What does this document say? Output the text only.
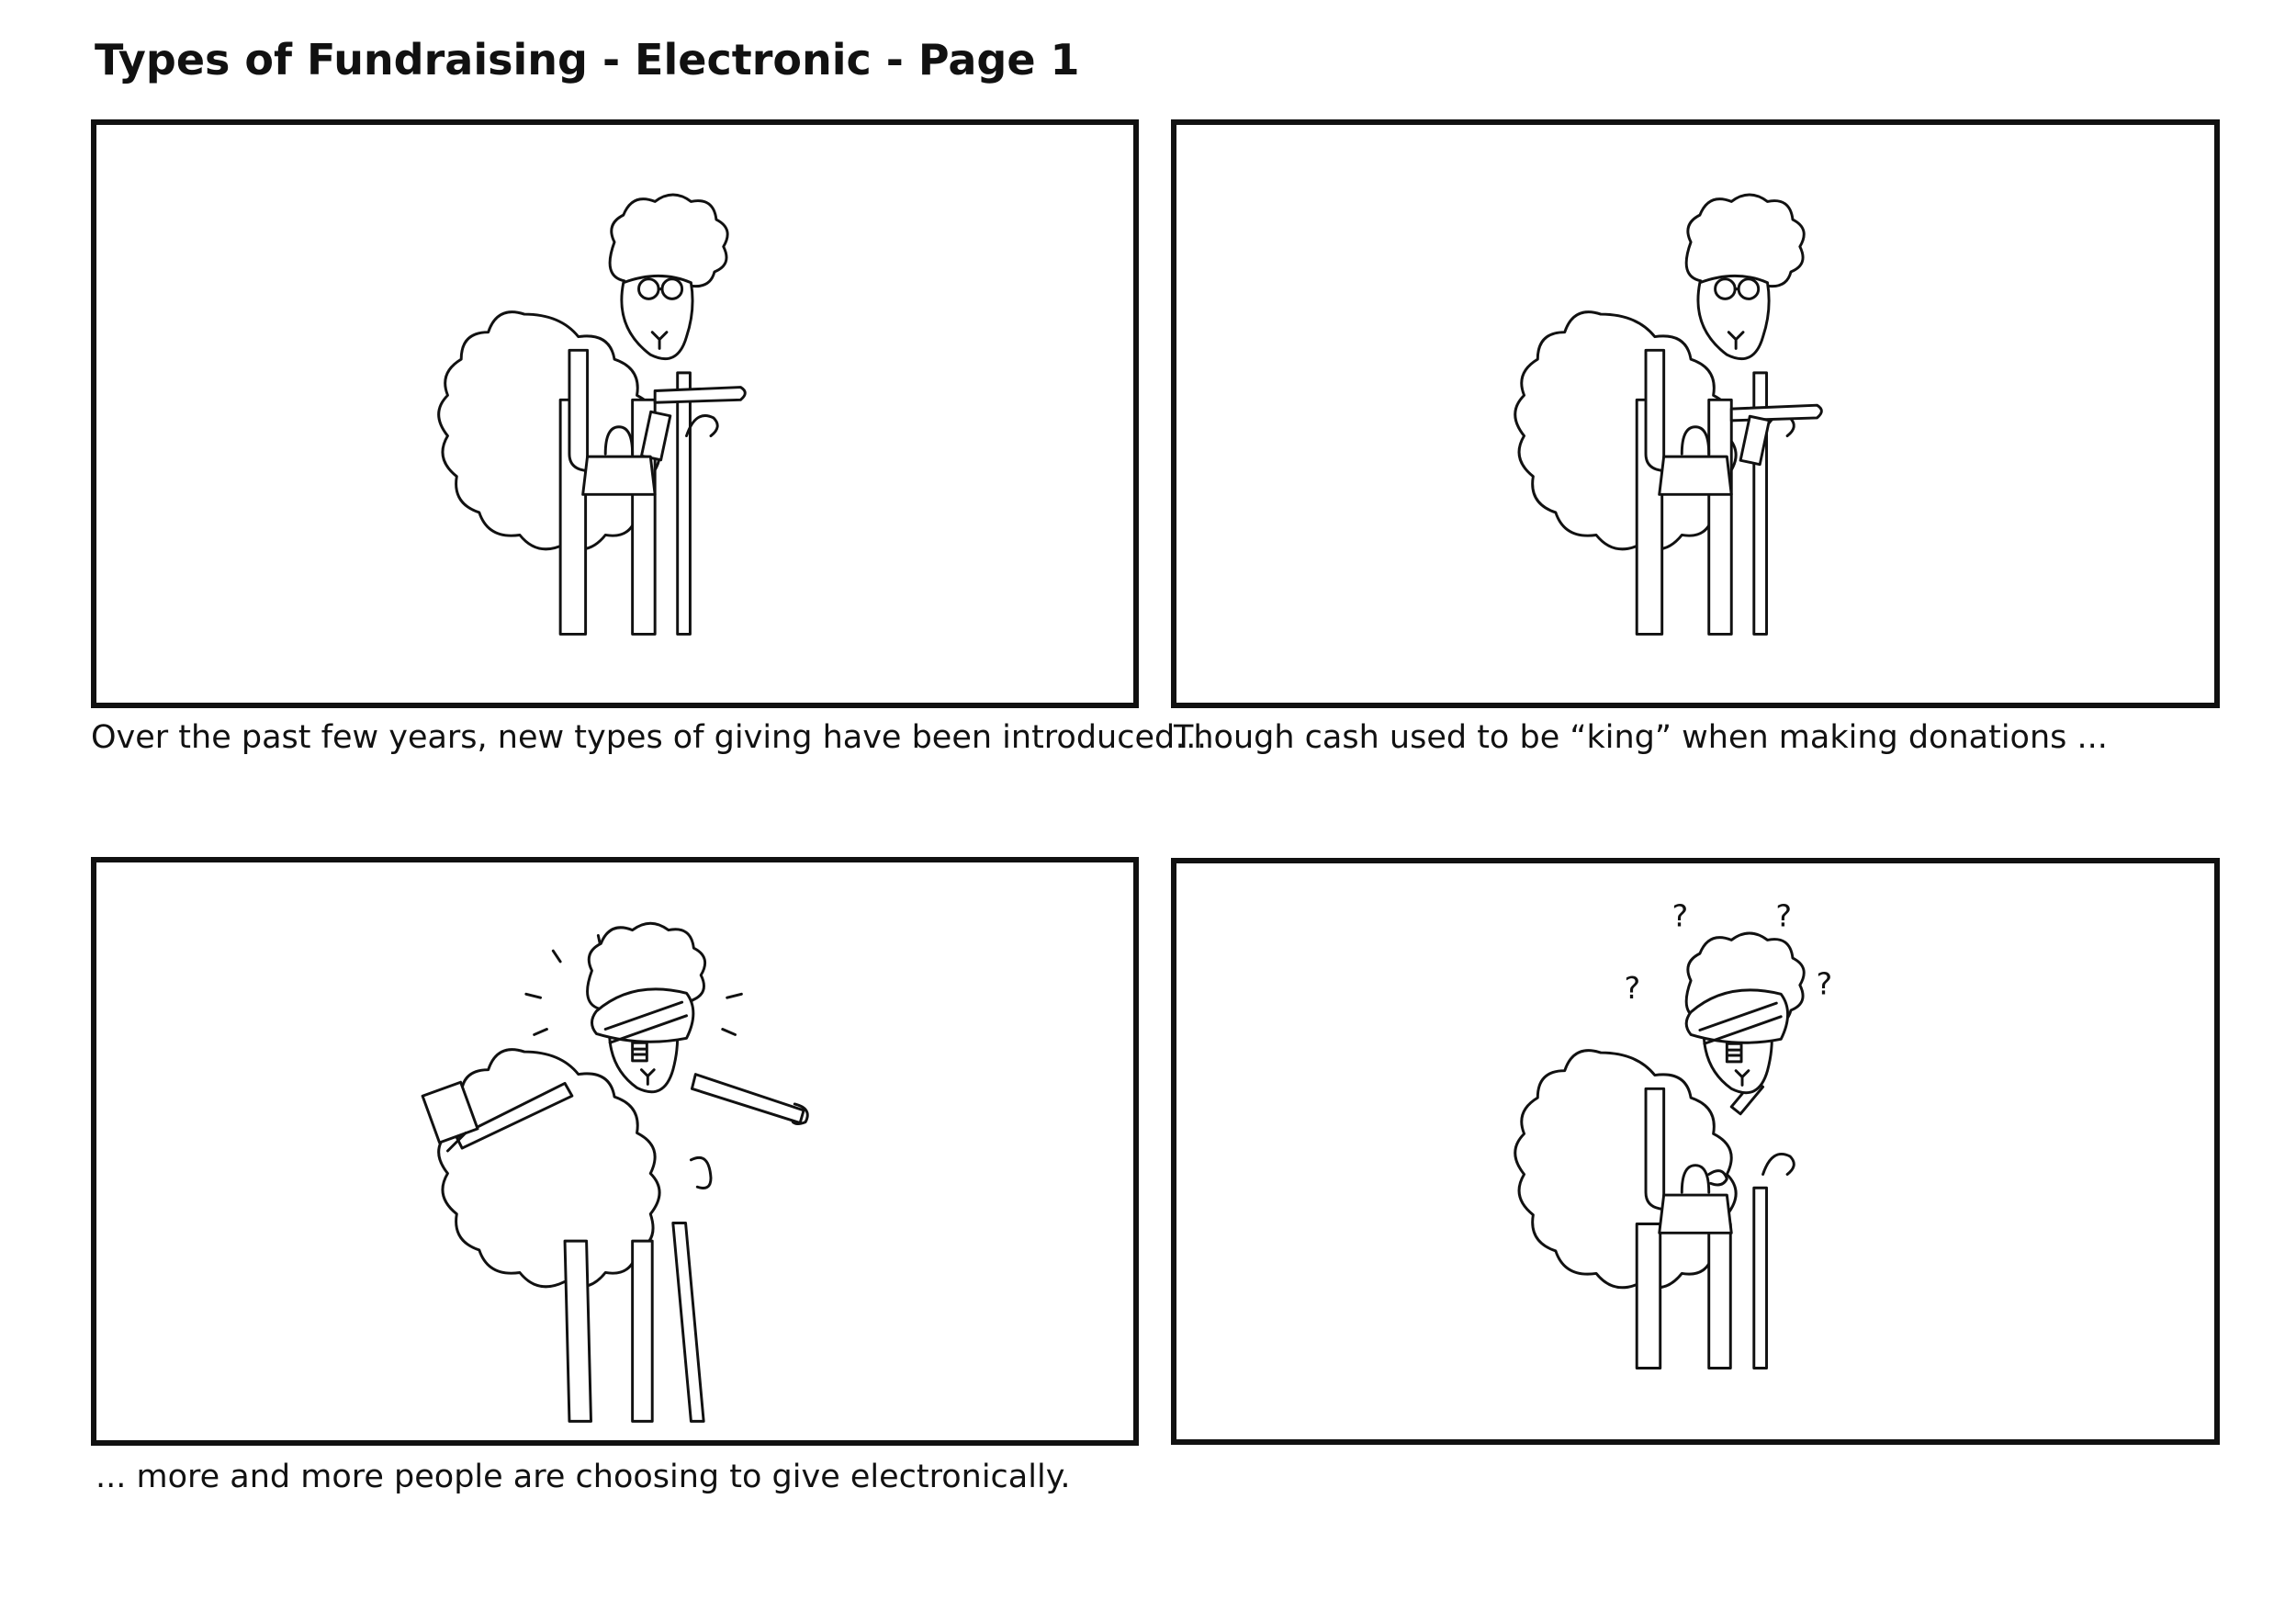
Types of Fundraising - Electronic - Page 1

Over the past few years, new types of giving have been introduced…

Though cash used to be “king” when making donations ...

... more and more people are choosing to give electronically.

?	?
?	?
